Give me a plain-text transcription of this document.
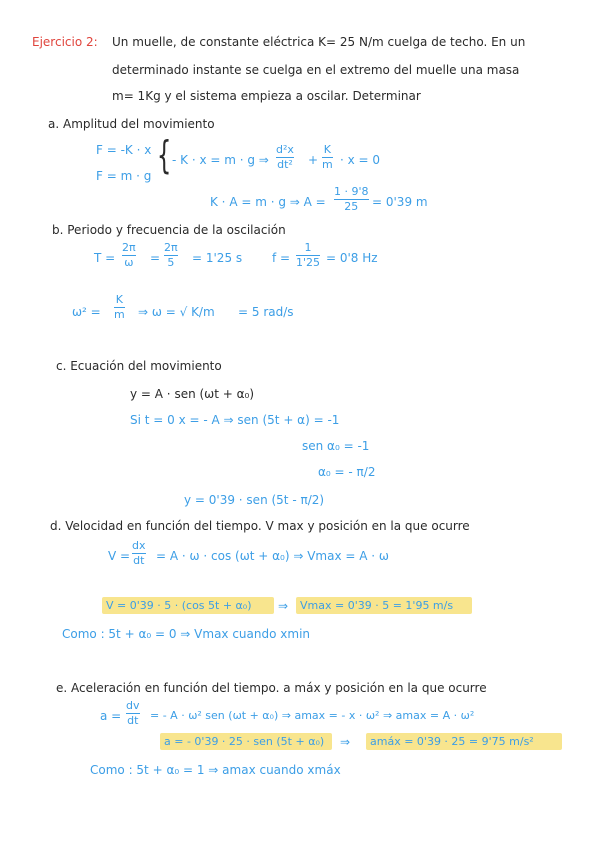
Ejercicio 2: Un muelle, de constante eléctrica K= 25 N/m cuelga de techo. En un
determinado instante se cuelga en el extremo del muelle una masa
m= 1Kg y el sistema empieza a oscilar. Determinar
a. Amplitud del movimiento
F = -K · x
F = m · g { - K · x = m · g ⇒
d²x
dt² +
K
m · x = 0
K · A = m · g ⇒ A =
1 · 9'8
25 = 0'39 m
b. Periodo y frecuencia de la oscilación
T =
2π
ω =
2π
5 = 1'25 s f =
1
1'25 = 0'8 Hz
ω² =
K
m ⇒ ω = √ K/m = 5 rad/s
c. Ecuación del movimiento
y = A · sen (ωt + α₀)
Si t = 0 x = - A ⇒ sen (5t + α) = -1
sen α₀ = -1
α₀ = - π/2
y = 0'39 · sen (5t - π/2)
d. Velocidad en función del tiempo. V max y posición en la que ocurre
V =
dx
dt = A · ω · cos (ωt + α₀) ⇒ Vmax = A · ω
V = 0'39 · 5 · (cos 5t + α₀) ⇒ Vmax = 0'39 · 5 = 1'95 m/s
Como : 5t + α₀ = 0 ⇒ Vmax cuando xmin
e. Aceleración en función del tiempo. a máx y posición en la que ocurre
a =
dv
dt = - A · ω² sen (ωt + α₀) ⇒ amax = - x · ω² ⇒ amax = A · ω²
a = - 0'39 · 25 · sen (5t + α₀) ⇒ amáx = 0'39 · 25 = 9'75 m/s²
Como : 5t + α₀ = 1 ⇒ amax cuando xmáx
